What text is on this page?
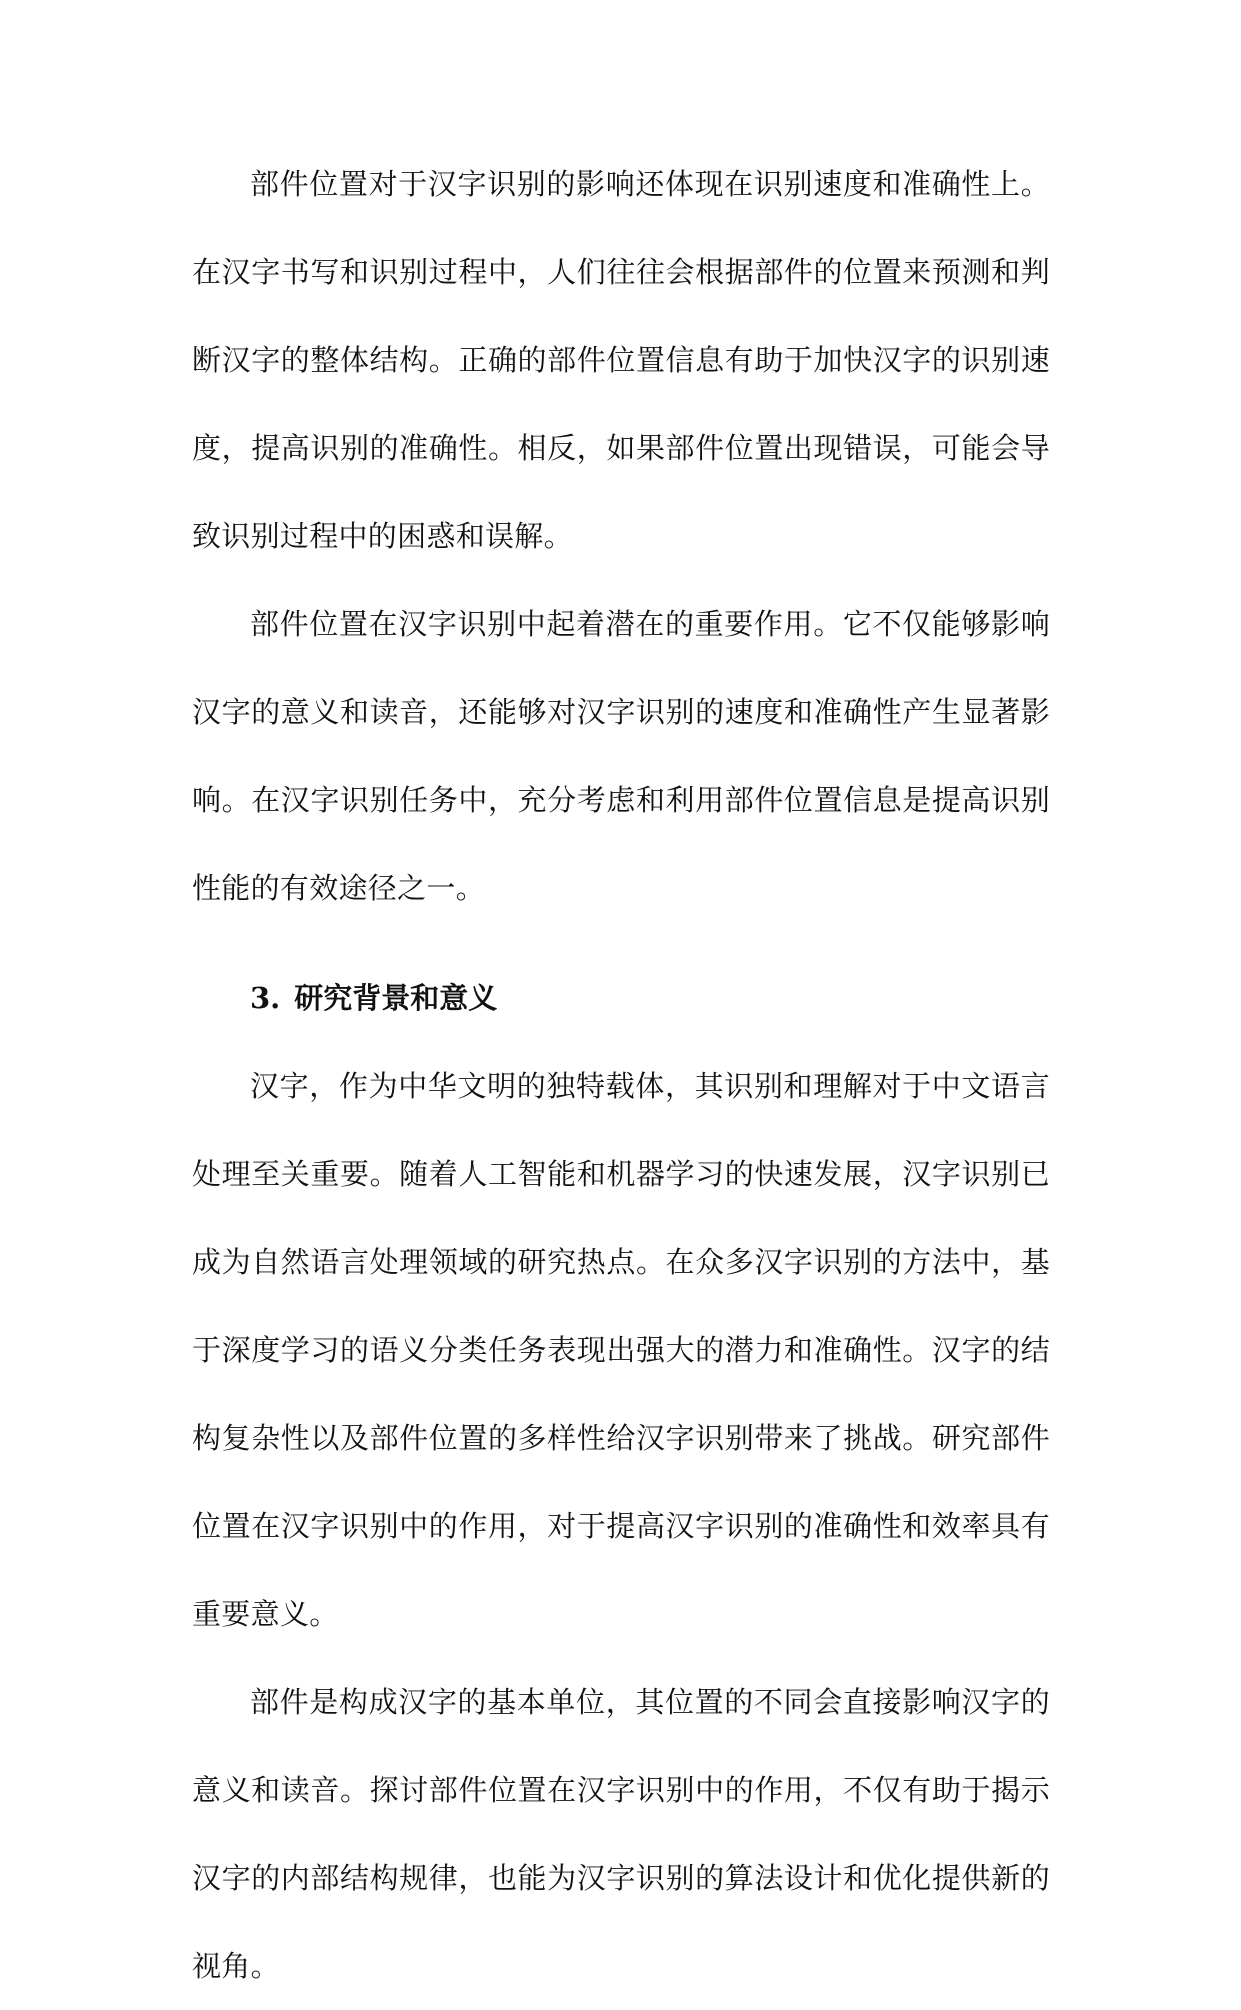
部件位置对于汉字识别的影响还体现在识别速度和准确性上。在汉字书写和识别过程中，人们往往会根据部件的位置来预测和判断汉字的整体结构。正确的部件位置信息有助于加快汉字的识别速度，提高识别的准确性。相反，如果部件位置出现错误，可能会导致识别过程中的困惑和误解。

部件位置在汉字识别中起着潜在的重要作用。它不仅能够影响汉字的意义和读音，还能够对汉字识别的速度和准确性产生显著影响。在汉字识别任务中，充分考虑和利用部件位置信息是提高识别性能的有效途径之一。

3. 研究背景和意义

汉字，作为中华文明的独特载体，其识别和理解对于中文语言处理至关重要。随着人工智能和机器学习的快速发展，汉字识别已成为自然语言处理领域的研究热点。在众多汉字识别的方法中，基于深度学习的语义分类任务表现出强大的潜力和准确性。汉字的结构复杂性以及部件位置的多样性给汉字识别带来了挑战。研究部件位置在汉字识别中的作用，对于提高汉字识别的准确性和效率具有重要意义。

部件是构成汉字的基本单位，其位置的不同会直接影响汉字的意义和读音。探讨部件位置在汉字识别中的作用，不仅有助于揭示汉字的内部结构规律，也能为汉字识别的算法设计和优化提供新的视角。
